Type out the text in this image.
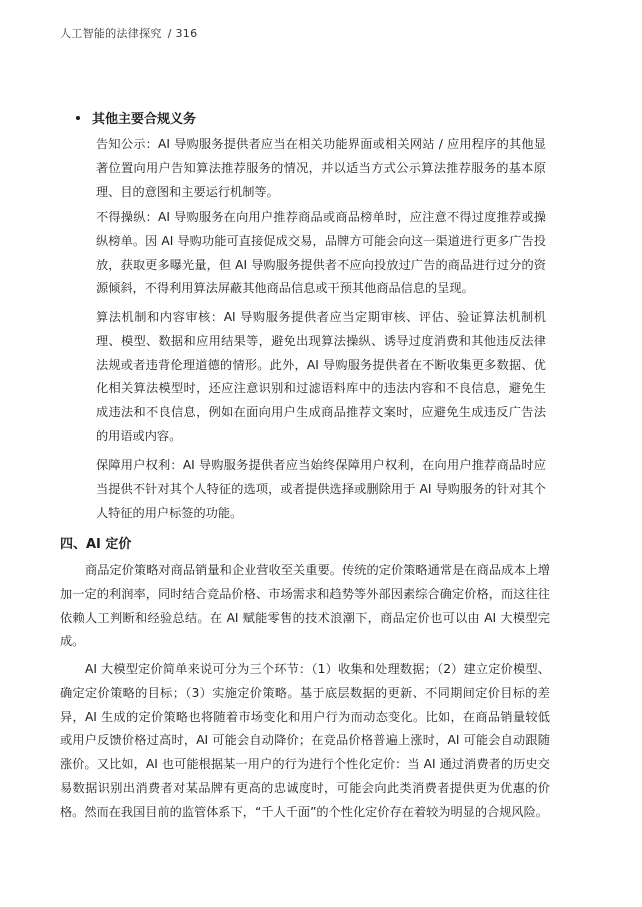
人工智能的法律探究 / 316
其他主要合规义务

告知公示：AI 导购服务提供者应当在相关功能界面或相关网站 / 应用程序的其他显著位置向用户告知算法推荐服务的情况，并以适当方式公示算法推荐服务的基本原理、目的意图和主要运行机制等。

不得操纵：AI 导购服务在向用户推荐商品或商品榜单时，应注意不得过度推荐或操纵榜单。因 AI 导购功能可直接促成交易，品牌方可能会向这一渠道进行更多广告投放，获取更多曝光量，但 AI 导购服务提供者不应向投放过广告的商品进行过分的资源倾斜，不得利用算法屏蔽其他商品信息或干预其他商品信息的呈现。

算法机制和内容审核：AI 导购服务提供者应当定期审核、评估、验证算法机制机理、模型、数据和应用结果等，避免出现算法操纵、诱导过度消费和其他违反法律法规或者违背伦理道德的情形。此外，AI 导购服务提供者在不断收集更多数据、优化相关算法模型时，还应注意识别和过滤语料库中的违法内容和不良信息，避免生成违法和不良信息，例如在面向用户生成商品推荐文案时，应避免生成违反广告法的用语或内容。

保障用户权利：AI 导购服务提供者应当始终保障用户权利，在向用户推荐商品时应当提供不针对其个人特征的选项，或者提供选择或删除用于 AI 导购服务的针对其个人特征的用户标签的功能。

四、AI 定价

商品定价策略对商品销量和企业营收至关重要。传统的定价策略通常是在商品成本上增加一定的利润率，同时结合竞品价格、市场需求和趋势等外部因素综合确定价格，而这往往依赖人工判断和经验总结。在 AI 赋能零售的技术浪潮下，商品定价也可以由 AI 大模型完成。

AI 大模型定价简单来说可分为三个环节：（1）收集和处理数据；（2）建立定价模型、确定定价策略的目标；（3）实施定价策略。基于底层数据的更新、不同期间定价目标的差异，AI 生成的定价策略也将随着市场变化和用户行为而动态变化。比如，在商品销量较低或用户反馈价格过高时，AI 可能会自动降价；在竞品价格普遍上涨时，AI 可能会自动跟随涨价。又比如，AI 也可能根据某一用户的行为进行个性化定价：当 AI 通过消费者的历史交易数据识别出消费者对某品牌有更高的忠诚度时，可能会向此类消费者提供更为优惠的价格。然而在我国目前的监管体系下，“千人千面”的个性化定价存在着较为明显的合规风险。
